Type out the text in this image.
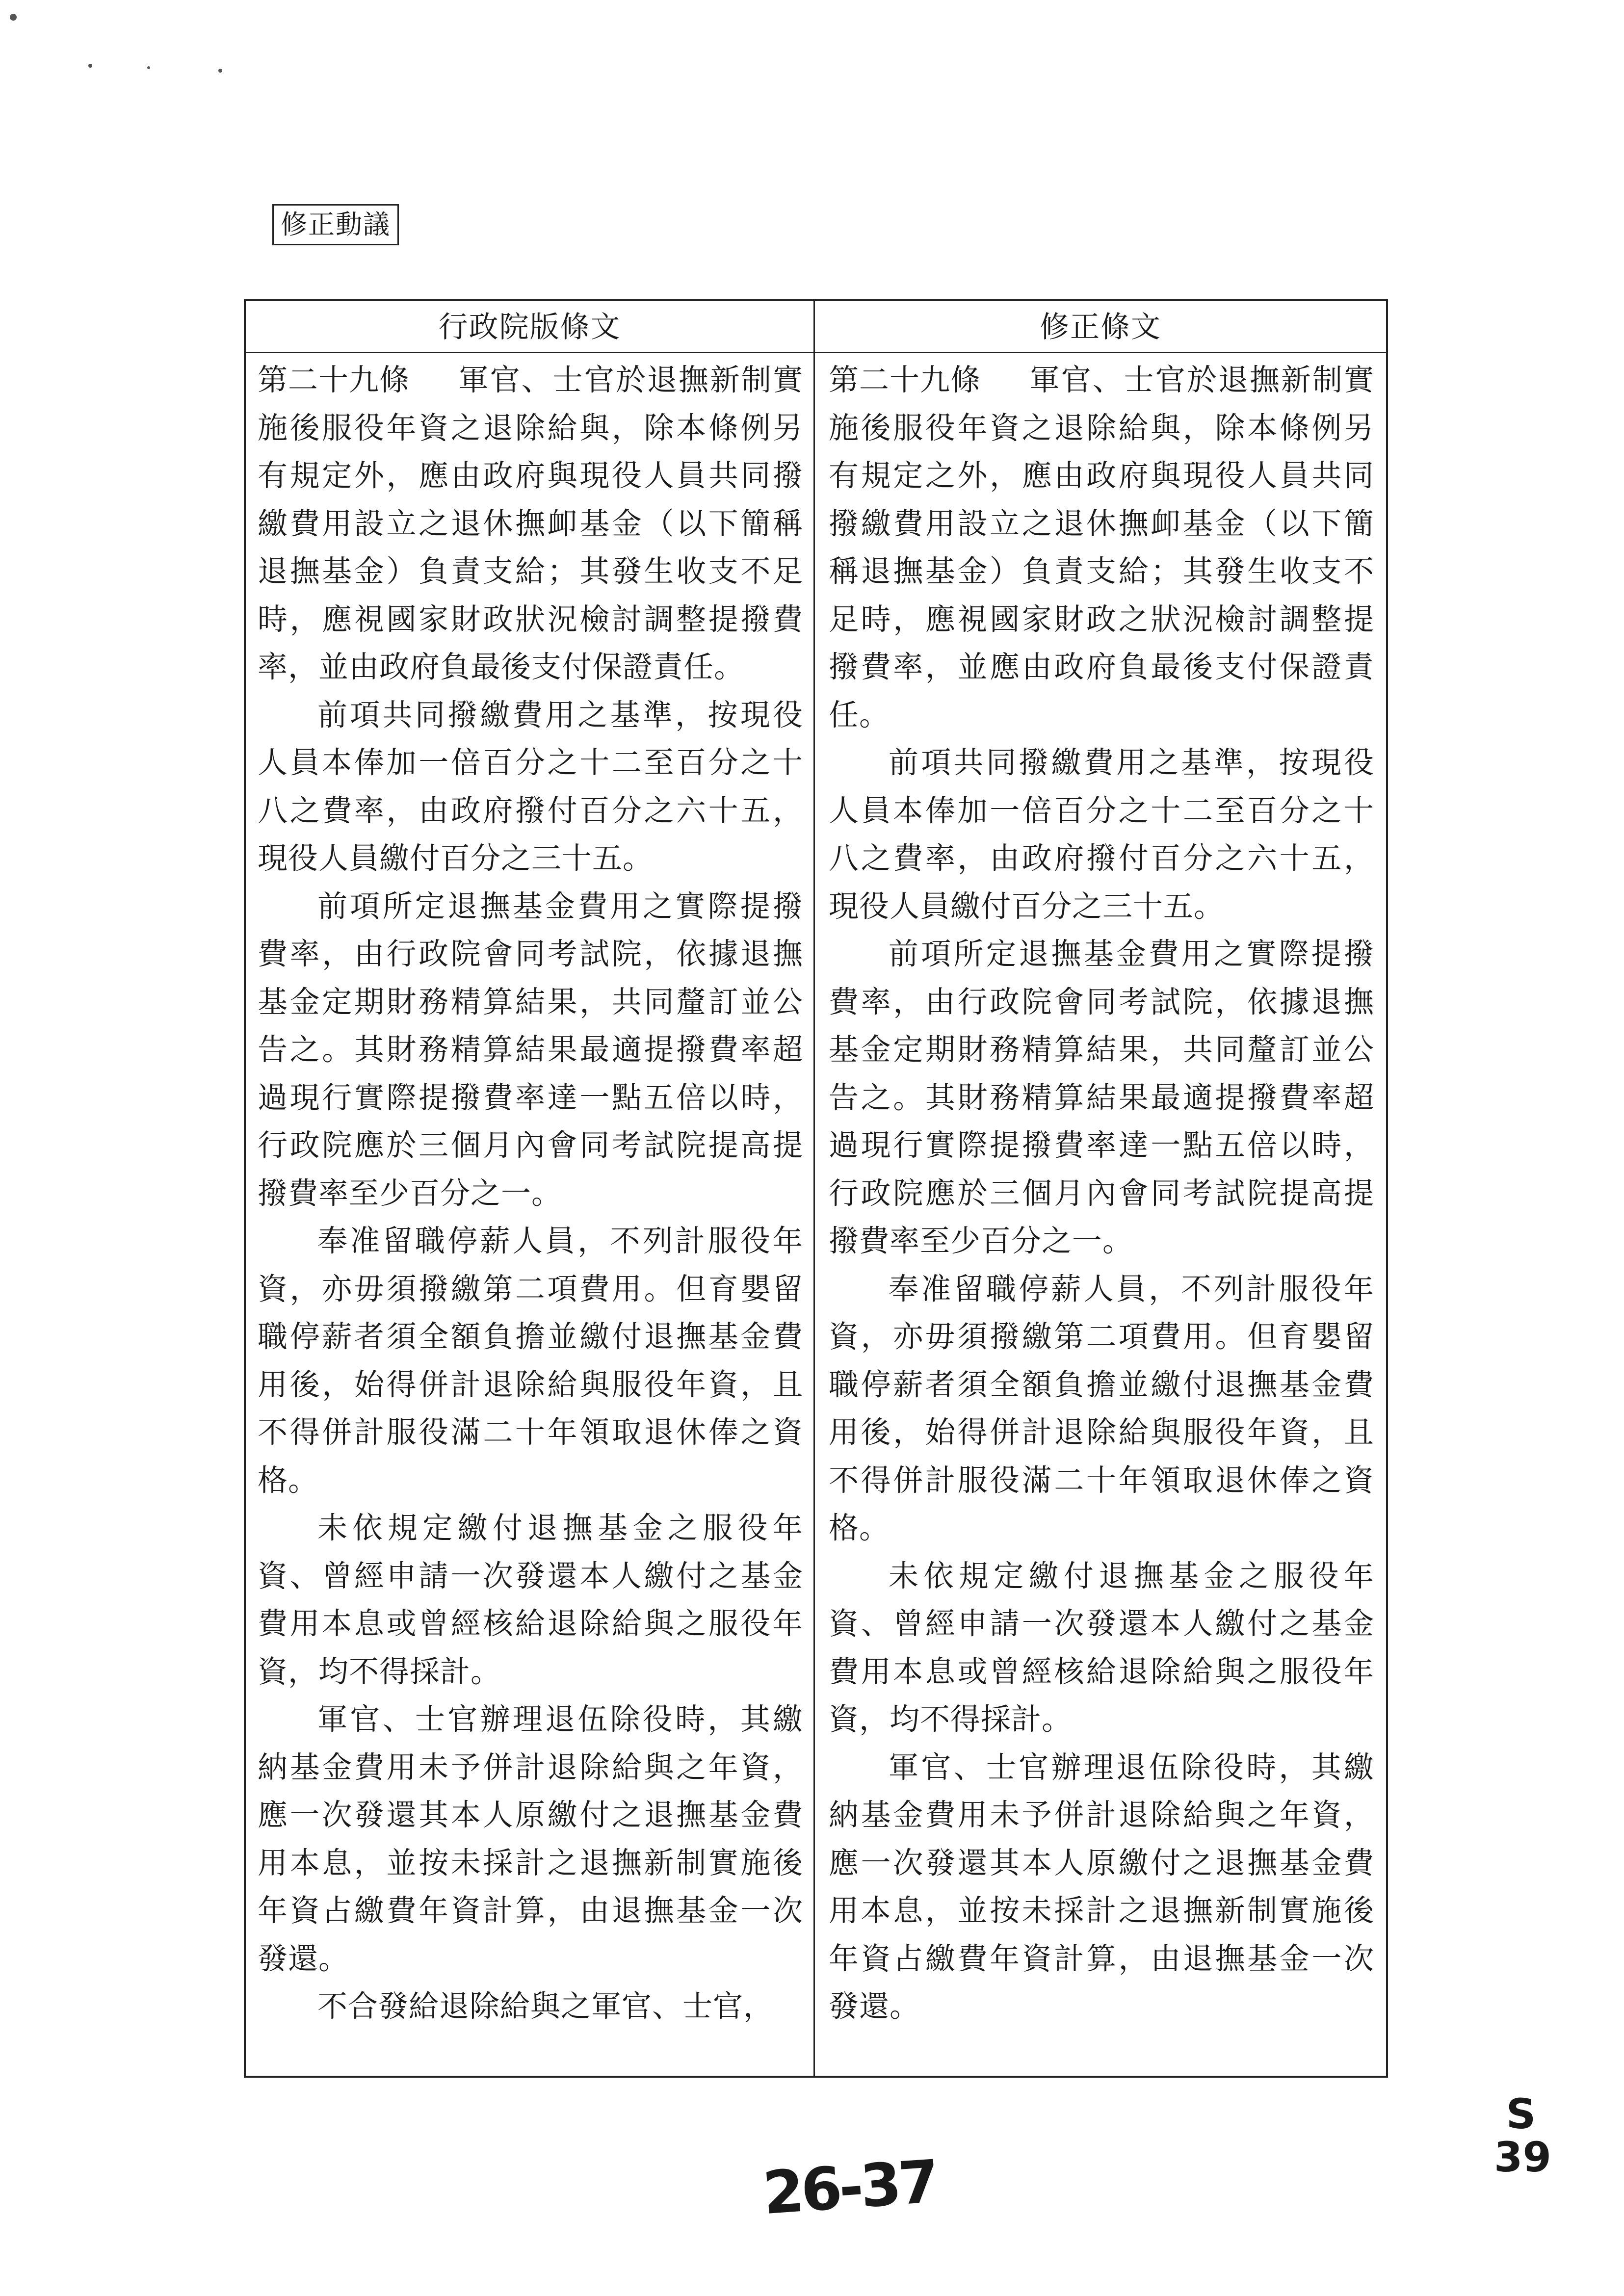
修正動議
行政院版條文	修正條文

第二十九條 軍官、士官於退撫新制實施後服役年資之退除給與，除本條例另有規定外，應由政府與現役人員共同撥繳費用設立之退休撫卹基金（以下簡稱退撫基金）負責支給；其發生收支不足時，應視國家財政狀況檢討調整提撥費率，並由政府負最後支付保證責任。

前項共同撥繳費用之基準，按現役人員本俸加一倍百分之十二至百分之十八之費率，由政府撥付百分之六十五，現役人員繳付百分之三十五。

前項所定退撫基金費用之實際提撥費率，由行政院會同考試院，依據退撫基金定期財務精算結果，共同釐訂並公告之。其財務精算結果最適提撥費率超過現行實際提撥費率達一點五倍以時，行政院應於三個月內會同考試院提高提撥費率至少百分之一。

奉准留職停薪人員，不列計服役年資，亦毋須撥繳第二項費用。但育嬰留職停薪者須全額負擔並繳付退撫基金費用後，始得併計退除給與服役年資，且不得併計服役滿二十年領取退休俸之資格。

未依規定繳付退撫基金之服役年資、曾經申請一次發還本人繳付之基金費用本息或曾經核給退除給與之服役年資，均不得採計。

軍官、士官辦理退伍除役時，其繳納基金費用未予併計退除給與之年資，應一次發還其本人原繳付之退撫基金費用本息，並按未採計之退撫新制實施後年資占繳費年資計算，由退撫基金一次發還。

不合發給退除給與之軍官、士官，

第二十九條 軍官、士官於退撫新制實施後服役年資之退除給與，除本條例另有規定之外，應由政府與現役人員共同撥繳費用設立之退休撫卹基金（以下簡稱退撫基金）負責支給；其發生收支不足時，應視國家財政之狀況檢討調整提撥費率，並應由政府負最後支付保證責任。

前項共同撥繳費用之基準，按現役人員本俸加一倍百分之十二至百分之十八之費率，由政府撥付百分之六十五，現役人員繳付百分之三十五。

前項所定退撫基金費用之實際提撥費率，由行政院會同考試院，依據退撫基金定期財務精算結果，共同釐訂並公告之。其財務精算結果最適提撥費率超過現行實際提撥費率達一點五倍以時，行政院應於三個月內會同考試院提高提撥費率至少百分之一。

奉准留職停薪人員，不列計服役年資，亦毋須撥繳第二項費用。但育嬰留職停薪者須全額負擔並繳付退撫基金費用後，始得併計退除給與服役年資，且不得併計服役滿二十年領取退休俸之資格。

未依規定繳付退撫基金之服役年資、曾經申請一次發還本人繳付之基金費用本息或曾經核給退除給與之服役年資，均不得採計。

軍官、士官辦理退伍除役時，其繳納基金費用未予併計退除給與之年資，應一次發還其本人原繳付之退撫基金費用本息，並按未採計之退撫新制實施後年資占繳費年資計算，由退撫基金一次發還。

26-37
S
39
